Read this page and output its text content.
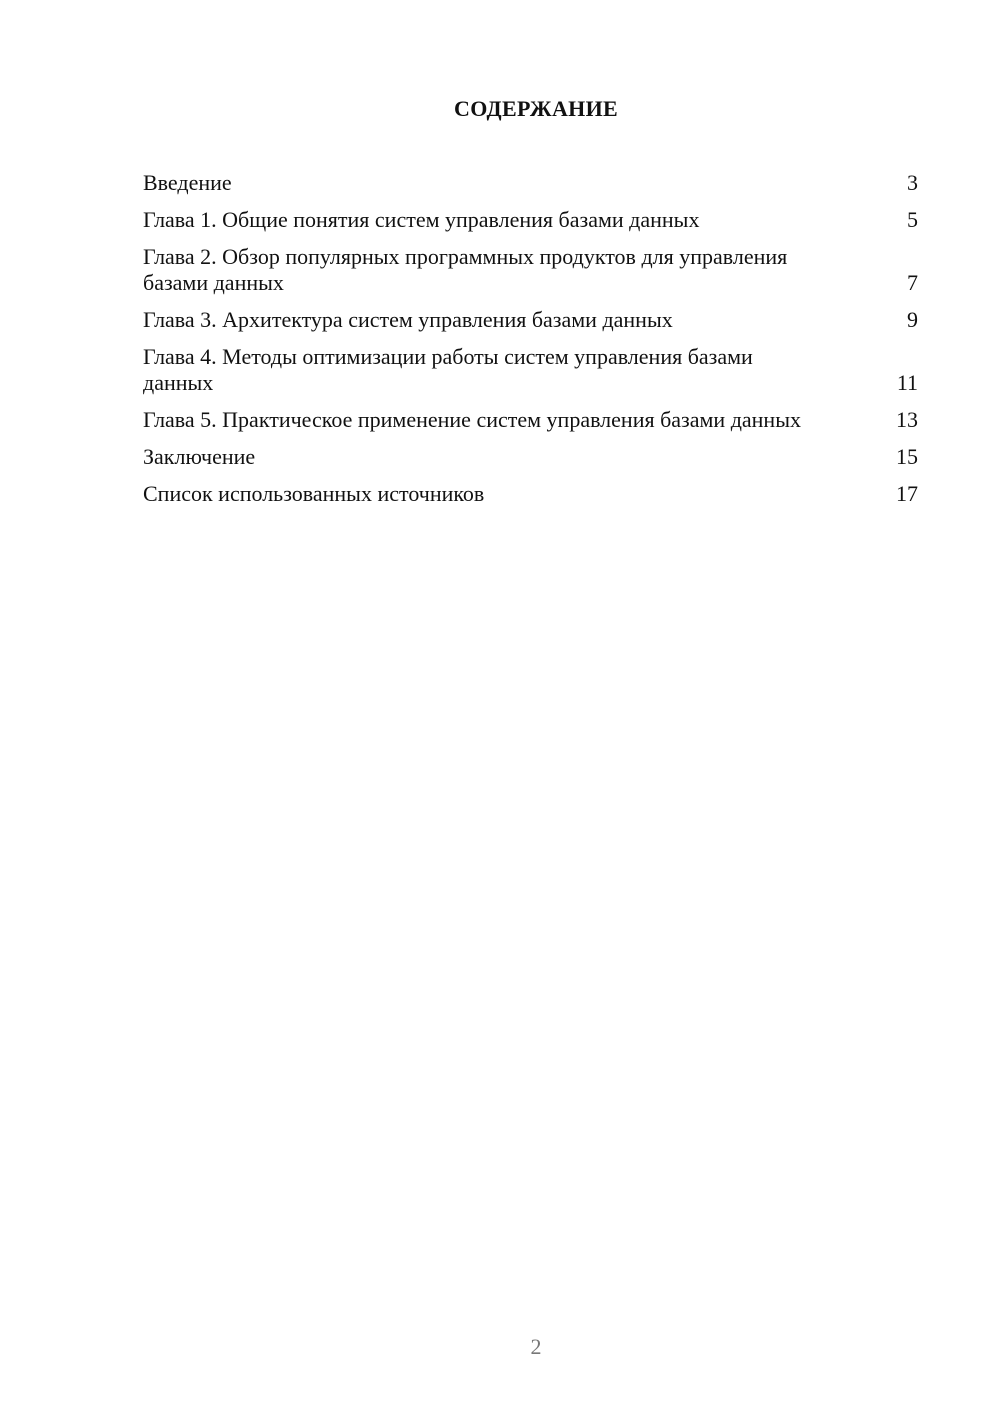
СОДЕРЖАНИЕ
Введение	3
Глава 1. Общие понятия систем управления базами данных	5
Глава 2. Обзор популярных программных продуктов для управления базами данных	7
Глава 3. Архитектура систем управления базами данных	9
Глава 4. Методы оптимизации работы систем управления базами данных	11
Глава 5. Практическое применение систем управления базами данных	13
Заключение	15
Список использованных источников	17
2
